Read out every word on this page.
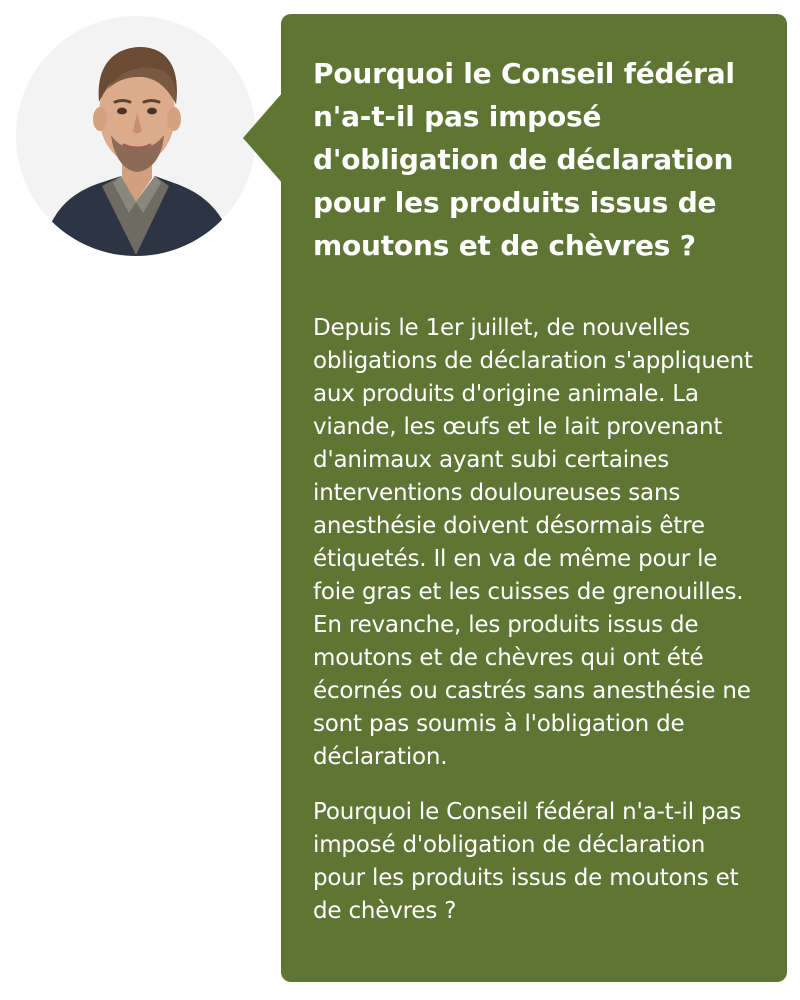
Pourquoi le Conseil fédéral n'a-t-il pas imposé d'obligation de déclaration pour les produits issus de moutons et de chèvres ?

Depuis le 1er juillet, de nouvelles obligations de déclaration s'appliquent aux produits d'origine animale. La viande, les œufs et le lait provenant d'animaux ayant subi certaines interventions douloureuses sans anesthésie doivent désormais être étiquetés. Il en va de même pour le foie gras et les cuisses de grenouilles. En revanche, les produits issus de moutons et de chèvres qui ont été écornés ou castrés sans anesthésie ne sont pas soumis à l'obligation de déclaration.

Pourquoi le Conseil fédéral n'a-t-il pas imposé d'obligation de déclaration pour les produits issus de moutons et de chèvres ?
